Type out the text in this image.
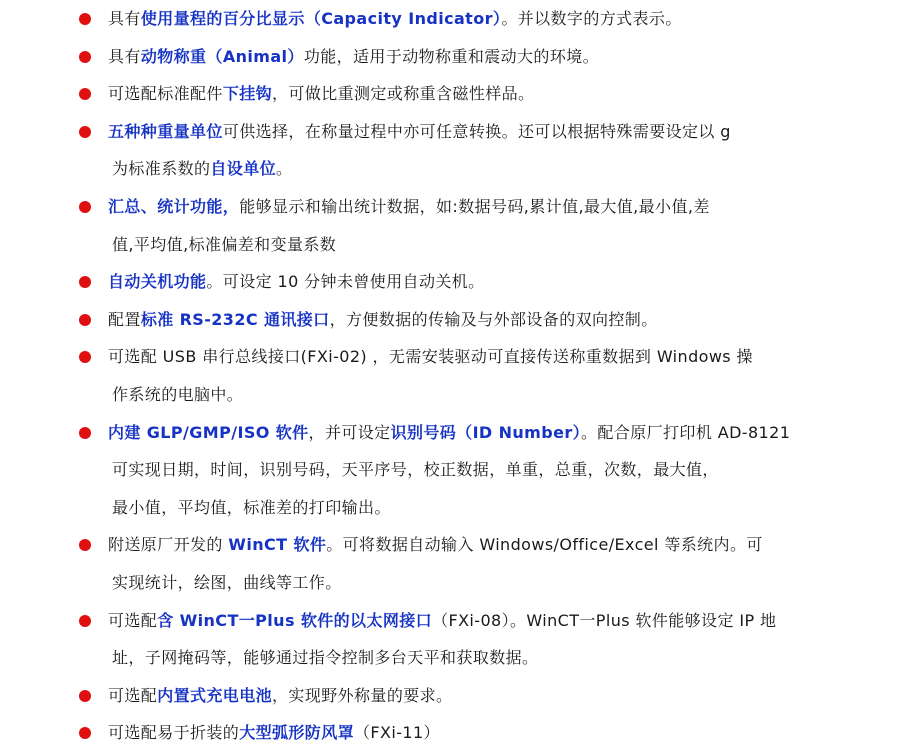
具有使用量程的百分比显示（Capacity Indicator）。并以数字的方式表示。
具有动物称重（Animal）功能，适用于动物称重和震动大的环境。
可选配标准配件下挂钩，可做比重测定或称重含磁性样品。
五种种重量单位可供选择，在称量过程中亦可任意转换。还可以根据特殊需要设定以 g
为标准系数的自设单位。
汇总、统计功能，能够显示和输出统计数据，如:数据号码,累计值,最大值,最小值,差
值,平均值,标准偏差和变量系数
自动关机功能。可设定 10 分钟未曾使用自动关机。
配置标准 RS-232C 通讯接口，方便数据的传输及与外部设备的双向控制。
可选配 USB 串行总线接口(FXi-02) ，无需安装驱动可直接传送称重数据到 Windows 操
作系统的电脑中。
内建 GLP/GMP/ISO 软件，并可设定识别号码（ID Number）。配合原厂打印机 AD-8121
可实现日期，时间，识别号码，天平序号，校正数据，单重，总重，次数，最大值，
最小值，平均值，标准差的打印输出。
附送原厂开发的 WinCT 软件。可将数据自动输入 Windows/Office/Excel 等系统内。可
实现统计，绘图，曲线等工作。
可选配含 WinCT一Plus 软件的以太网接口（FXi-08）。WinCT一Plus 软件能够设定 IP 地
址，子网掩码等，能够通过指令控制多台天平和获取数据。
可选配内置式充电电池，实现野外称量的要求。
可选配易于折装的大型弧形防风罩（FXi-11）
